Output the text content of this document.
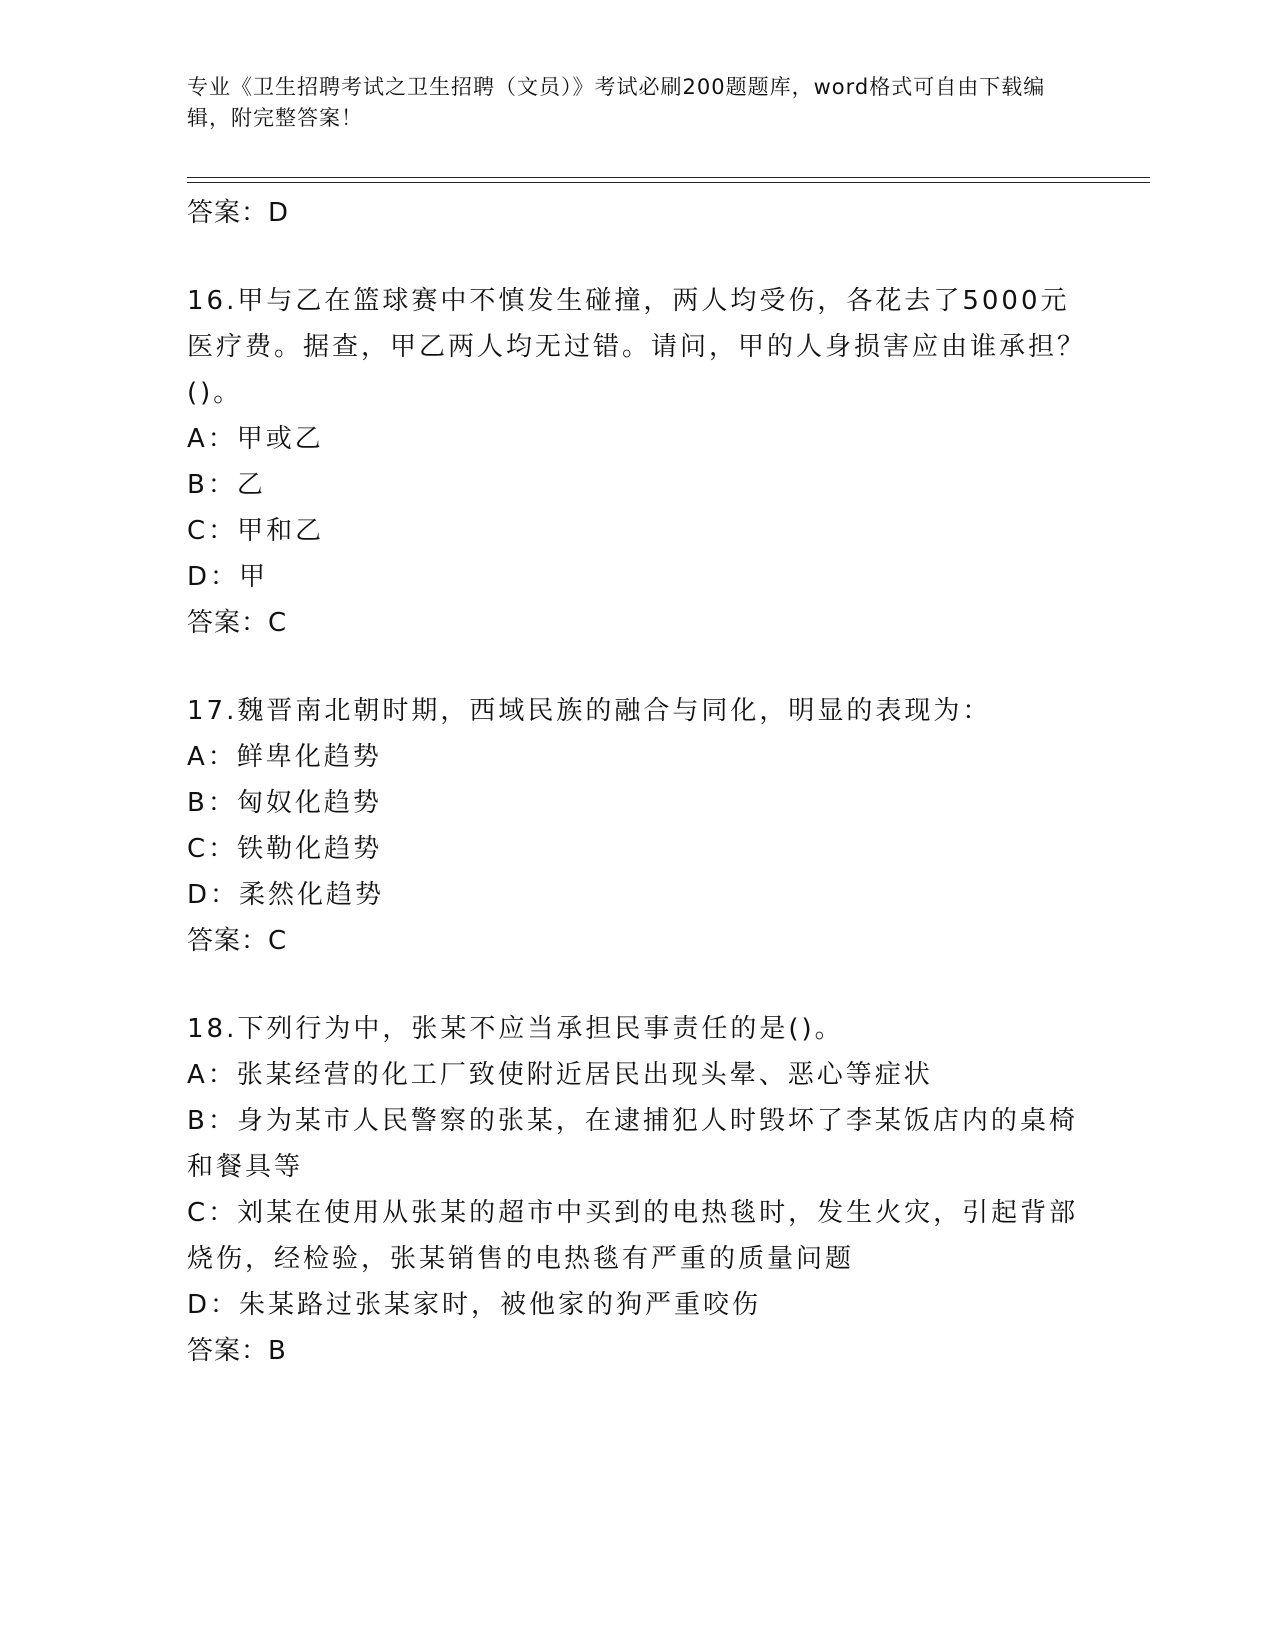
专业《卫生招聘考试之卫生招聘（文员）》考试必刷200题题库，word格式可自由下载编辑，附完整答案！
答案：D
16.甲与乙在篮球赛中不慎发生碰撞，两人均受伤，各花去了5000元医疗费。据查，甲乙两人均无过错。请问，甲的人身损害应由谁承担？()。
A：甲或乙
B：乙
C：甲和乙
D：甲
答案：C
17.魏晋南北朝时期，西域民族的融合与同化，明显的表现为：
A：鲜卑化趋势
B：匈奴化趋势
C：铁勒化趋势
D：柔然化趋势
答案：C
18.下列行为中，张某不应当承担民事责任的是()。
A：张某经营的化工厂致使附近居民出现头晕、恶心等症状
B：身为某市人民警察的张某，在逮捕犯人时毁坏了李某饭店内的桌椅和餐具等
C：刘某在使用从张某的超市中买到的电热毯时，发生火灾，引起背部烧伤，经检验，张某销售的电热毯有严重的质量问题
D：朱某路过张某家时，被他家的狗严重咬伤
答案：B
